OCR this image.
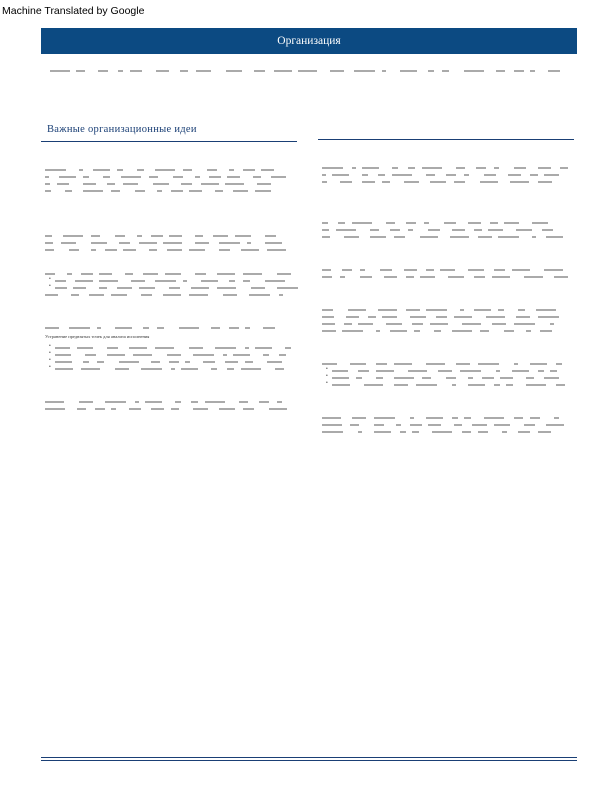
Machine Translated by Google
Организация
Важные организационные идеи

•
•

Устранение предвзятых точек для анализа исполнения
•
•
•
•

•
•
•
